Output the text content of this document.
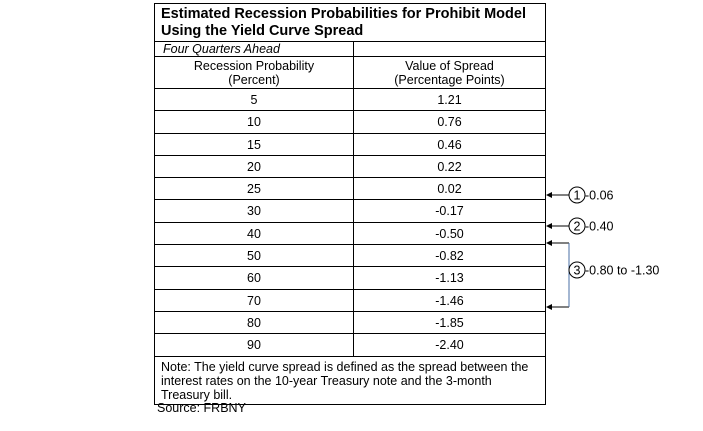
Estimated Recession Probabilities for Prohibit Model
Using the Yield Curve Spread
Four Quarters Ahead
Recession Probability
(Percent)
Value of Spread
(Percentage Points)
5	1.21
10	0.76
15	0.46
20	0.22
25	0.02
30	-0.17
40	-0.50
50	-0.82
60	-1.13
70	-1.46
80	-1.85
90	-2.40
Note: The yield curve spread is defined as the spread between the interest rates on the 10-year Treasury note and the 3-month Treasury bill.
Source: FRBNY
1 -0.06
2 -0.40
3 -0.80 to -1.30
